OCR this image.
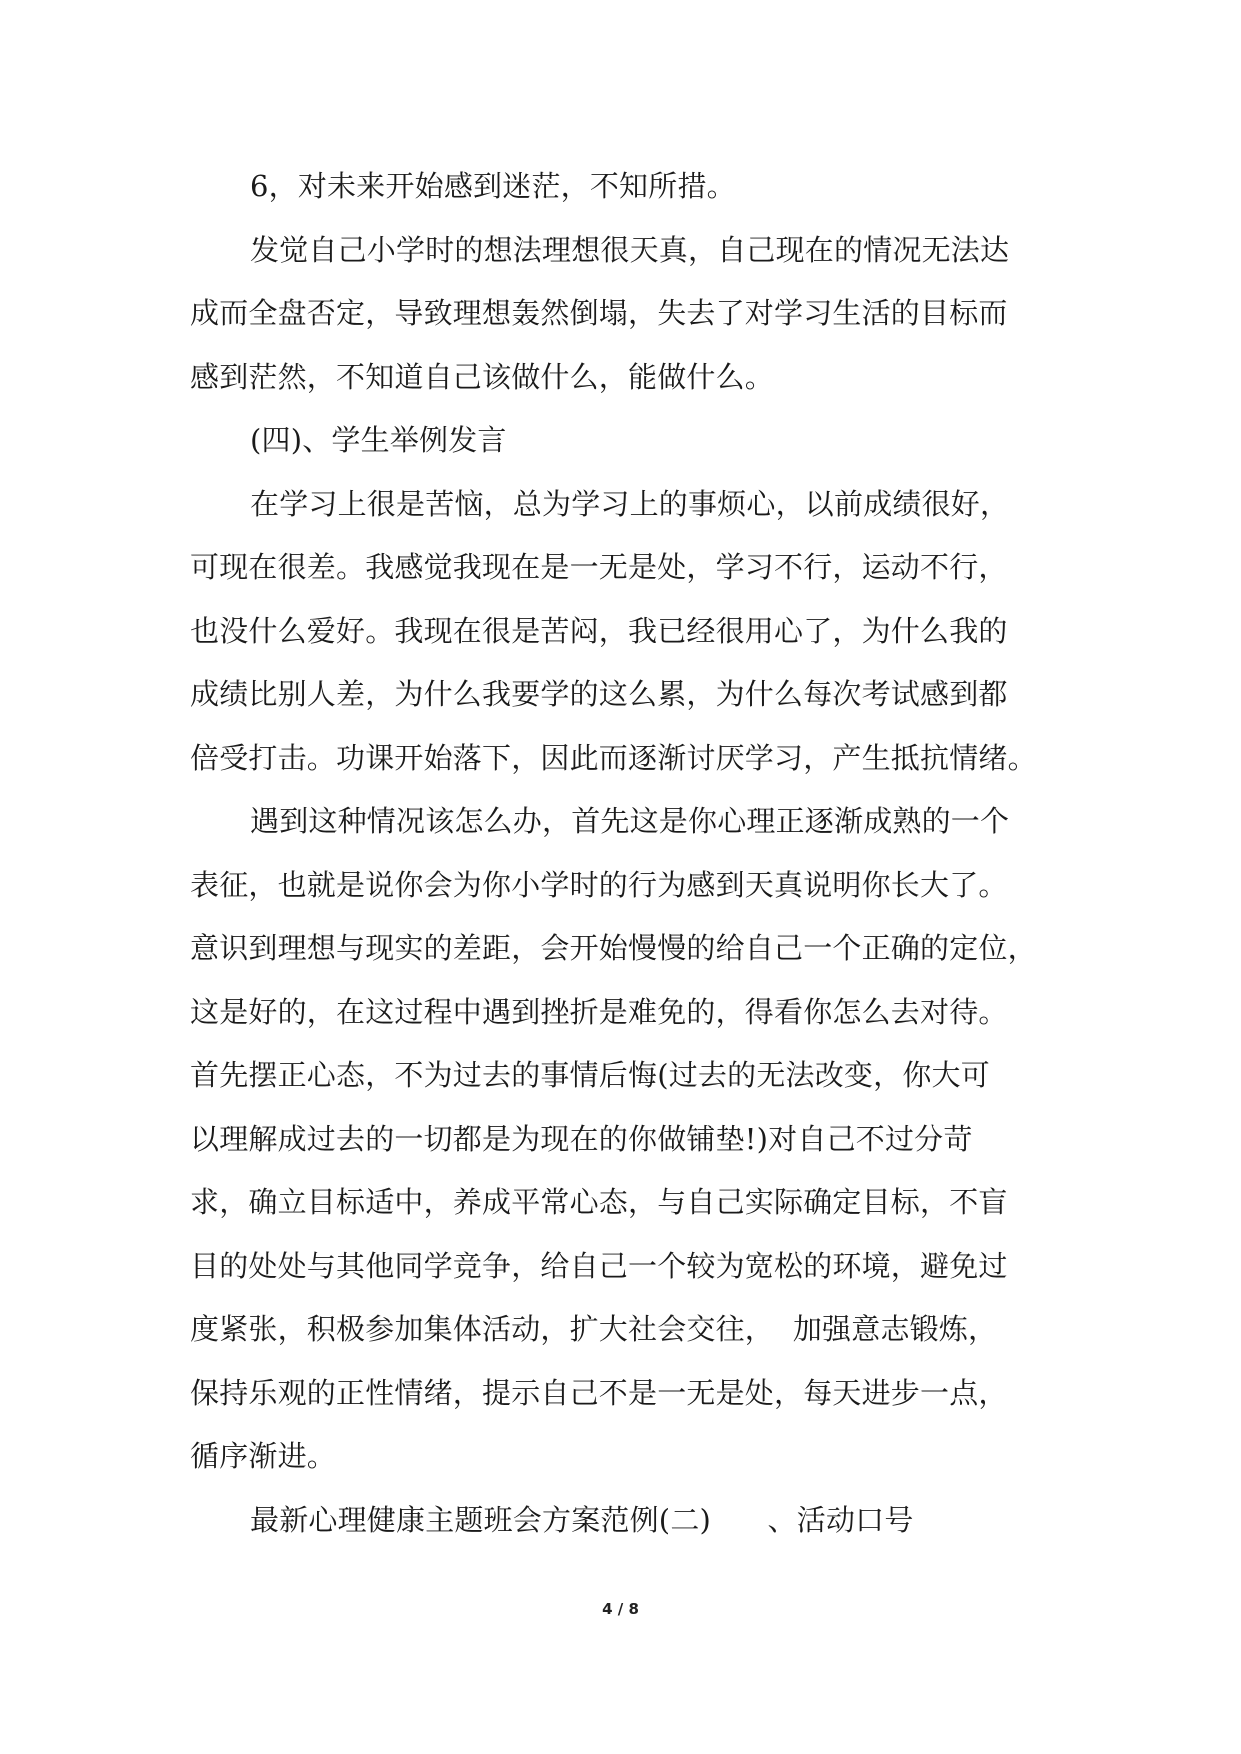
6，对未来开始感到迷茫，不知所措。
发觉自己小学时的想法理想很天真，自己现在的情况无法达
成而全盘否定，导致理想轰然倒塌，失去了对学习生活的目标而
感到茫然，不知道自己该做什么，能做什么。
(四)、学生举例发言
在学习上很是苦恼，总为学习上的事烦心，以前成绩很好，
可现在很差。我感觉我现在是一无是处，学习不行，运动不行，
也没什么爱好。我现在很是苦闷，我已经很用心了，为什么我的
成绩比别人差，为什么我要学的这么累，为什么每次考试感到都
倍受打击。功课开始落下，因此而逐渐讨厌学习，产生抵抗情绪。
遇到这种情况该怎么办，首先这是你心理正逐渐成熟的一个
表征，也就是说你会为你小学时的行为感到天真说明你长大了。
意识到理想与现实的差距，会开始慢慢的给自己一个正确的定位，
这是好的，在这过程中遇到挫折是难免的，得看你怎么去对待。
首先摆正心态，不为过去的事情后悔(过去的无法改变，你大可
以理解成过去的一切都是为现在的你做铺垫!)对自己不过分苛
求，确立目标适中，养成平常心态，与自己实际确定目标，不盲
目的处处与其他同学竞争，给自己一个较为宽松的环境，避免过
度紧张，积极参加集体活动，扩大社会交往，  加强意志锻炼，
保持乐观的正性情绪，提示自己不是一无是处，每天进步一点，
循序渐进。
最新心理健康主题班会方案范例(二)      、活动口号
4 / 8
